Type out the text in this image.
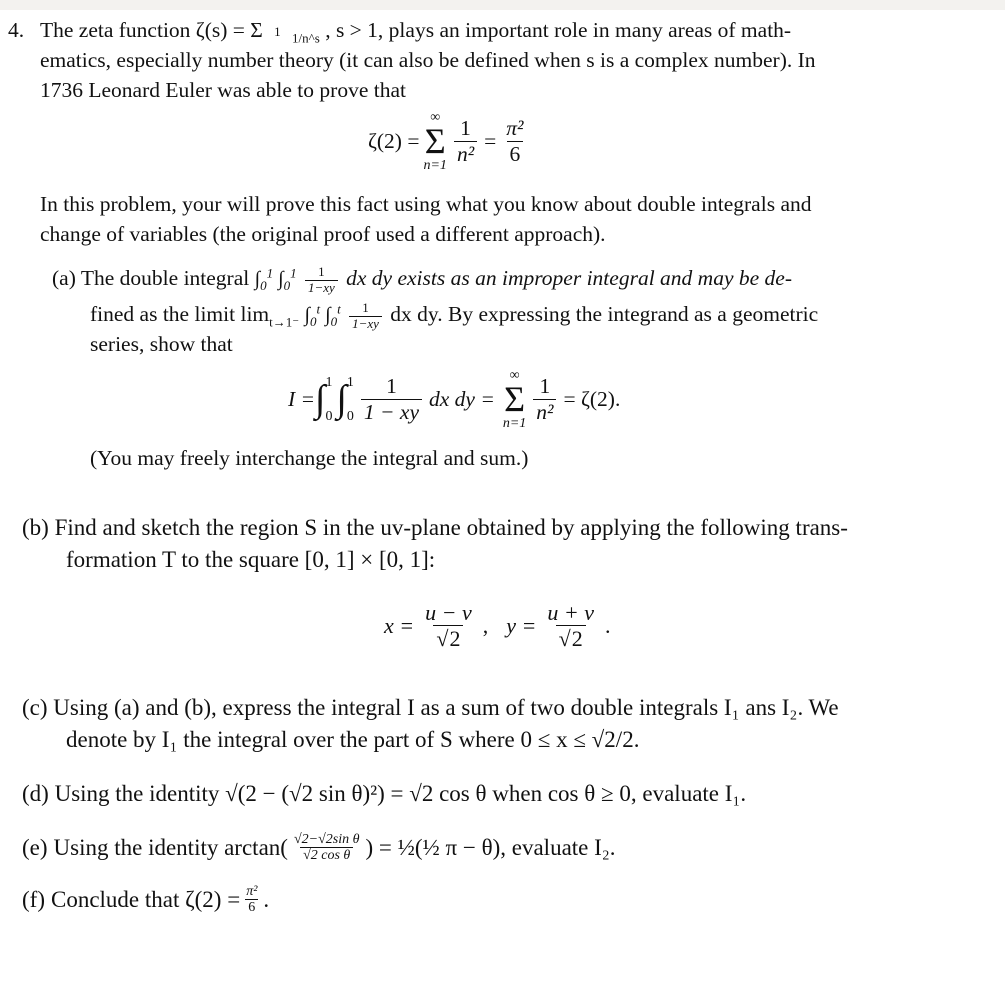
4. The zeta function ζ(s) = Σ 1 $_{1/n\^{}s}$ , s > 1, plays an important role in many areas of math-
ematics, especially number theory (it can also be defined when s is a complex number). In
1736 Leonard Euler was able to prove that
ζ(2) =
∞
Σ
$n=1 \frac{1}{\text{n²}} = \frac{\text{π²}}{6}$
In this problem, your will prove this fact using what you know about double integrals and
change of variables (the original proof used a different approach).
(a) The double integral $\int_0^1$ $\int_0^1 \frac{1}{1-xy}$ dx dy exists as an improper integral and may be de-
fined as the limit $\lim_{t\to 1^-} \int_0^t$ $\int_0^t \frac{1}{1-xy}$ dx dy. By expressing the integrand as a geometric
series, show that
I = ∫ 1
0 ∫ 1
$0 \frac{1}{1 - xy}$ dx dy =
∞
Σ
$n=1 \frac{1}{\text{n²}} = \zeta(2)$.
(You may freely interchange the integral and sum.)
(b) Find and sketch the region S in the uv-plane obtained by applying the following trans-
formation T to the square [0, 1] × [0, 1]:
$x = \frac{u - v}{√2}$ , $y = \frac{u + v}{√2}$ .
(c) Using (a) and (b), express the integral I as a sum of two double integrals I₁ ans I₂. We
denote by I₁ the integral over the part of S where 0 ≤ x ≤ √2/2.
(d) Using the identity √(2 − (√2 sin θ)²) = √2 cos θ when cos θ ≥ 0, evaluate I₁.
(e) Using the identity $\arctan( \frac{\text{√2−√2sin θ}}{\text{√2 cos θ}}$ ) = ½(½ π − θ), evaluate I₂.
(f) Conclude that $\zeta(2) = \frac{\text{π²}}{6}$ .
